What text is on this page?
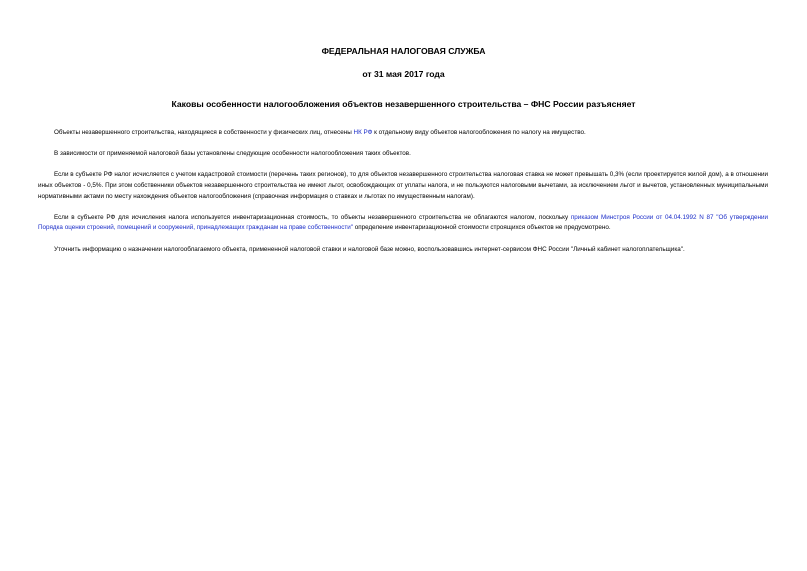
ФЕДЕРАЛЬНАЯ НАЛОГОВАЯ СЛУЖБА
от 31 мая 2017 года
Каковы особенности налогообложения объектов незавершенного строительства – ФНС России разъясняет

Объекты незавершенного строительства, находящиеся в собственности у физических лиц, отнесены НК РФ к отдельному виду объектов налогообложения по налогу на имущество.

В зависимости от применяемой налоговой базы установлены следующие особенности налогообложения таких объектов.

Если в субъекте РФ налог исчисляется с учетом кадастровой стоимости (перечень таких регионов), то для объектов незавершенного строительства налоговая ставка не может превышать 0,3% (если проектируется жилой дом), а в отношении иных объектов - 0,5%. При этом собственники объектов незавершенного строительства не имеют льгот, освобождающих от уплаты налога, и не пользуются налоговыми вычетами, за исключением льгот и вычетов, установленных муниципальными нормативными актами по месту нахождения объектов налогообложения (справочная информация о ставках и льготах по имущественным налогам).

Если в субъекте РФ для исчисления налога используется инвентаризационная стоимость, то объекты незавершенного строительства не облагаются налогом, поскольку приказом Минстроя России от 04.04.1992 N 87 "Об утверждении Порядка оценки строений, помещений и сооружений, принадлежащих гражданам на праве собственности" определение инвентаризационной стоимости строящихся объектов не предусмотрено.

Уточнить информацию о назначении налогооблагаемого объекта, примененной налоговой ставки и налоговой базе можно, воспользовавшись интернет-сервисом ФНС России "Личный кабинет налогоплательщика".
